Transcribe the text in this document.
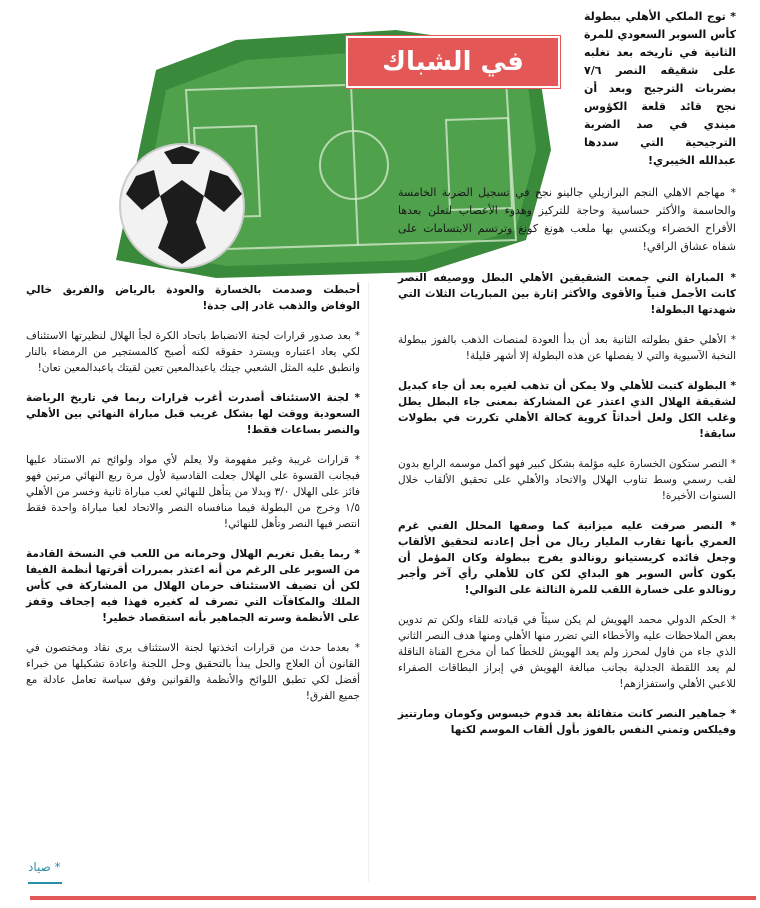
في الشباك

* توج الملكي الأهلي ببطولة كأس السوبر السعودي للمرة الثانية في تاريخه بعد تغلبه على شقيقه النصر ٧/٦ بضربات الترجيح وبعد أن نجح قائد قلعة الكؤوس ميندي في صد الضربة الترجيحية التي سددها عبدالله الخيبري!

* مهاجم الاهلي النجم البرازيلي جالينو نجح في تسجيل الضربة الخامسة والحاسمة والأكثر حساسية وحاجة للتركيز وهدوء الأعصاب لتعلن بعدها الأفراح الخضراء ويكتسي بها ملعب هونغ كونغ وترتسم الابتسامات على شفاه عشاق الراقي!

* المباراة التي جمعت الشقيقين الأهلي البطل ووصيفه النصر كانت الأجمل فنياً والأقوى والأكثر إثارة بين المباريات الثلاث التي شهدتها البطولة!

* الأهلي حقق بطولته الثانية بعد أن بدأ العودة لمنصات الذهب بالفوز ببطولة النخبة الآسيوية والتي لا يفصلها عن هذه البطولة إلا أشهر قليلة!

* البطولة كتبت للأهلي ولا يمكن أن تذهب لغيره بعد أن جاء كبديل لشقيقة الهلال الذي اعتذر عن المشاركة بمعنى جاء البطل يطل وغلب الكل ولعل أحداثاً كروية كحالة الأهلي تكررت في بطولات سابقة!

* النصر ستكون الخسارة عليه مؤلمة بشكل كبير فهو أكمل موسمه الرابع بدون لقب رسمي وسط تناوب الهلال والاتحاد والأهلي على تحقيق الألقاب خلال السنوات الأخيرة!

* النصر صرفت عليه ميزانية كما وصفها المحلل الفني غرم العمري بأنها تقارب المليار ريال من أجل إعادته لتحقيق الألقاب وجعل قائده كريستيانو رونالدو يفرح ببطولة وكان المؤمل أن يكون كأس السوبر هو البداي لكن كان للأهلي رأي آخر وأجبر رونالدو على خسارة اللقب للمرة الثالثة على التوالي!

* الحكم الدولي محمد الهويش لم يكن سيئاً في قيادته للقاء ولكن تم تدوين بعض الملاحظات عليه والأخطاء التي تضرر منها الأهلي ومنها هدف النصر الثاني الذي جاء من فاول لمحرز ولم يعد الهويش للخطأ كما أن مخرج القناة الناقلة لم يعد اللقطة الجدلية بجانب مبالغة الهويش في إبراز البطاقات الصفراء للاعبي الأهلي واستفزازهم!

* جماهير النصر كانت متفائلة بعد قدوم خيسوس وكومان ومارتنيز وفيلكس وتمني النفس بالفوز بأول ألقاب الموسم لكنها

أحبطت وصدمت بالخسارة والعودة بالرياض والفريق خالي الوفاض والذهب غادر إلى جدة!

* بعد صدور قرارات لجنة الانضباط باتحاد الكرة لجأ الهلال لنظيرتها الاستئناف لكي يعاد اعتباره ويسترد حقوقه لكنه أصبح كالمستجير من الرمضاء بالنار وانطبق عليه المثل الشعبي جيتك ياعبدالمعين تعين لقيتك ياعبدالمعين تعان!

* لجنة الاستئناف أصدرت أغرب قرارات ربما في تاريخ الرياضة السعودية ووقت لها بشكل غريب قبل مباراة النهائي بين الأهلي والنصر بساعات فقط!

* قرارات غريبة وغير مفهومة ولا يعلم لأي مواد ولوائح تم الاستناد عليها فبجانب القسوة على الهلال جعلت القادسية لأول مرة ربع النهائي مرتين فهو فائز على الهلال ٣/٠ وبدلا من يتأهل للنهائي لعب مباراة ثانية وخسر من الأهلي ١/٥ وخرج من البطولة فيما منافساه النصر والاتحاد لعبا مباراة واحدة فقط انتصر فيها النصر وتأهل للنهائي!

* ربما يقبل تغريم الهلال وحرمانه من اللعب في النسخة القادمة من السوبر على الرغم من أنه اعتذر بمبررات أقرتها أنظمة الفيفا لكن أن تضيف الاستئناف حرمان الهلال من المشاركة في كأس الملك والمكافآت التي تصرف له كغيره فهذا فيه إجحاف وقفز على الأنظمة وسرته الجماهير بأنه استقصاد خطير!

* بعدما حدث من قرارات اتخذتها لجنة الاستئناف يرى نقاد ومختصون في القانون أن العلاج والحل يبدأ بالتحقيق وحل اللجنة واعادة تشكيلها من خبراء أفضل لكي تطبق اللوائح والأنظمة والقوانين وفق سياسة تعامل عادلة مع جميع الفرق!

* صياد
